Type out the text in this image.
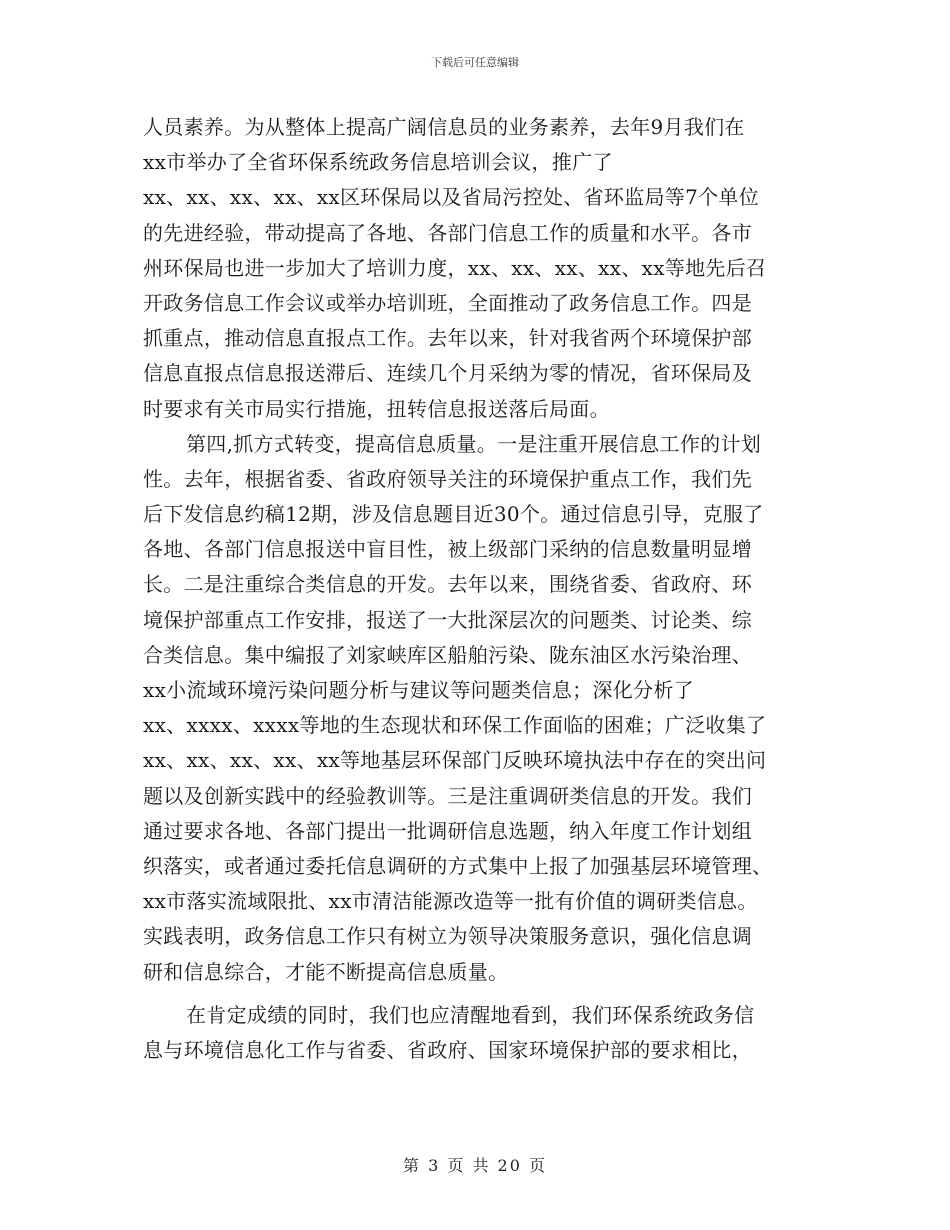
下载后可任意编辑
人员素养。为从整体上提高广阔信息员的业务素养，去年9月我们在
xx市举办了全省环保系统政务信息培训会议，推广了
xx、xx、xx、xx、xx区环保局以及省局污控处、省环监局等7个单位
的先进经验，带动提高了各地、各部门信息工作的质量和水平。各市
州环保局也进一步加大了培训力度，xx、xx、xx、xx、xx等地先后召
开政务信息工作会议或举办培训班，全面推动了政务信息工作。四是
抓重点，推动信息直报点工作。去年以来，针对我省两个环境保护部
信息直报点信息报送滞后、连续几个月采纳为零的情况，省环保局及
时要求有关市局实行措施，扭转信息报送落后局面。
第四,抓方式转变，提高信息质量。一是注重开展信息工作的计划
性。去年，根据省委、省政府领导关注的环境保护重点工作，我们先
后下发信息约稿12期，涉及信息题目近30个。通过信息引导，克服了
各地、各部门信息报送中盲目性，被上级部门采纳的信息数量明显增
长。二是注重综合类信息的开发。去年以来，围绕省委、省政府、环
境保护部重点工作安排，报送了一大批深层次的问题类、讨论类、综
合类信息。集中编报了刘家峡库区船舶污染、陇东油区水污染治理、
xx小流域环境污染问题分析与建议等问题类信息；深化分析了
xx、xxxx、xxxx等地的生态现状和环保工作面临的困难；广泛收集了
xx、xx、xx、xx、xx等地基层环保部门反映环境执法中存在的突出问
题以及创新实践中的经验教训等。三是注重调研类信息的开发。我们
通过要求各地、各部门提出一批调研信息选题，纳入年度工作计划组
织落实，或者通过委托信息调研的方式集中上报了加强基层环境管理、
xx市落实流域限批、xx市清洁能源改造等一批有价值的调研类信息。
实践表明，政务信息工作只有树立为领导决策服务意识，强化信息调
研和信息综合，才能不断提高信息质量。
在肯定成绩的同时，我们也应清醒地看到，我们环保系统政务信
息与环境信息化工作与省委、省政府、国家环境保护部的要求相比，
第 3 页 共 20 页
